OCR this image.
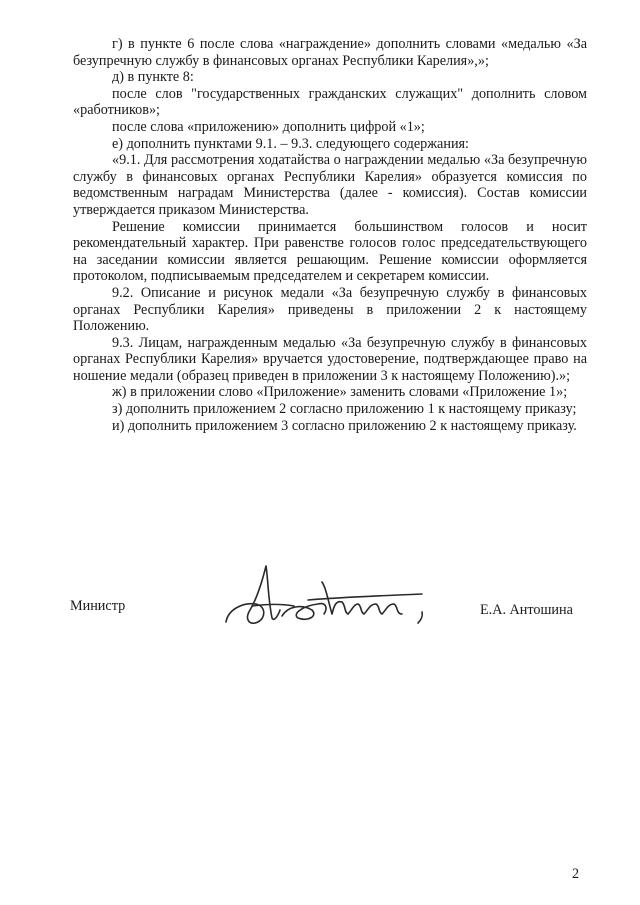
г) в пункте 6 после слова «награждение» дополнить словами «медалью «За безупречную службу в финансовых органах Республики Карелия»,»;

д) в пункте 8:

после слов "государственных гражданских служащих" дополнить словом «работников»;

после слова «приложению» дополнить цифрой «1»;

е) дополнить пунктами 9.1. – 9.3. следующего содержания:

«9.1. Для рассмотрения ходатайства о награждении медалью «За безупречную службу в финансовых органах Республики Карелия» образуется комиссия по ведомственным наградам Министерства (далее - комиссия). Состав комиссии утверждается приказом Министерства.

Решение комиссии принимается большинством голосов и носит рекомендательный характер. При равенстве голосов голос председательствующего на заседании комиссии является решающим. Решение комиссии оформляется протоколом, подписываемым председателем и секретарем комиссии.

9.2. Описание и рисунок медали «За безупречную службу в финансовых органах Республики Карелия» приведены в приложении 2 к настоящему Положению.

9.3. Лицам, награжденным медалью «За безупречную службу в финансовых органах Республики Карелия» вручается удостоверение, подтверждающее право на ношение медали (образец приведен в приложении 3 к настоящему Положению).»;

ж) в приложении слово «Приложение» заменить словами «Приложение 1»;

з) дополнить приложением 2 согласно приложению 1 к настоящему приказу;

и) дополнить приложением 3 согласно приложению 2 к настоящему приказу.

Министр	Е.А. Антошина
2
